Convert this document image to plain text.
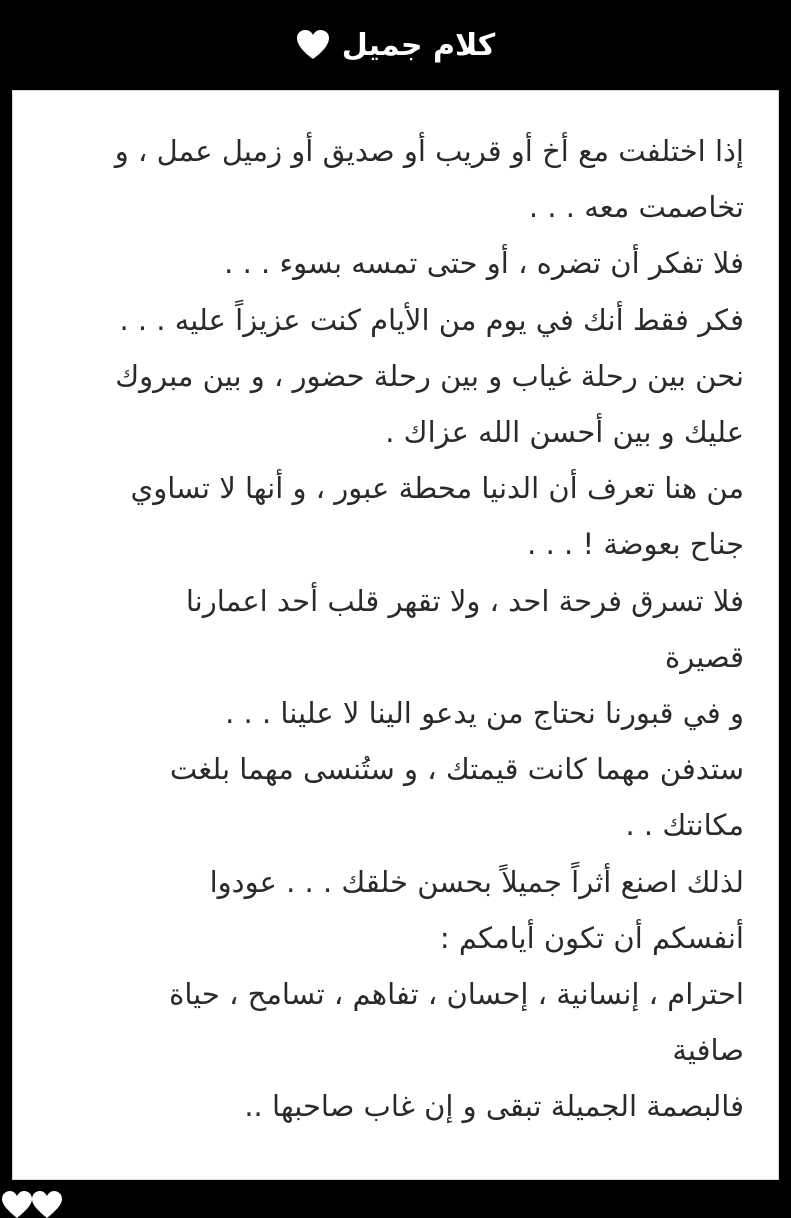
كلام جميل
إذا اختلفت مع أخ أو قريب أو صديق أو زميل عمل ، و
تخاصمت معه . . .
فلا تفكر أن تضره ، أو حتى تمسه بسوء . . .
فكر فقط أنك في يوم من الأيام كنت عزيزاً عليه . . .
نحن بين رحلة غياب و بين رحلة حضور ، و بين مبروك
عليك و بين أحسن الله عزاك .
من هنا تعرف أن الدنيا محطة عبور ، و أنها لا تساوي
جناح بعوضة ! . . .
فلا تسرق فرحة احد ، ولا تقهر قلب أحد اعمارنا
قصيرة
و في قبورنا نحتاج من يدعو الينا لا علينا . . .
ستدفن مهما كانت قيمتك ، و ستُنسى مهما بلغت
مكانتك . .
لذلك اصنع أثراً جميلاً بحسن خلقك . . . عودوا
أنفسكم أن تكون أيامكم :
احترام ، إنسانية ، إحسان ، تفاهم ، تسامح ، حياة
صافية
فالبصمة الجميلة تبقى و إن غاب صاحبها ..
